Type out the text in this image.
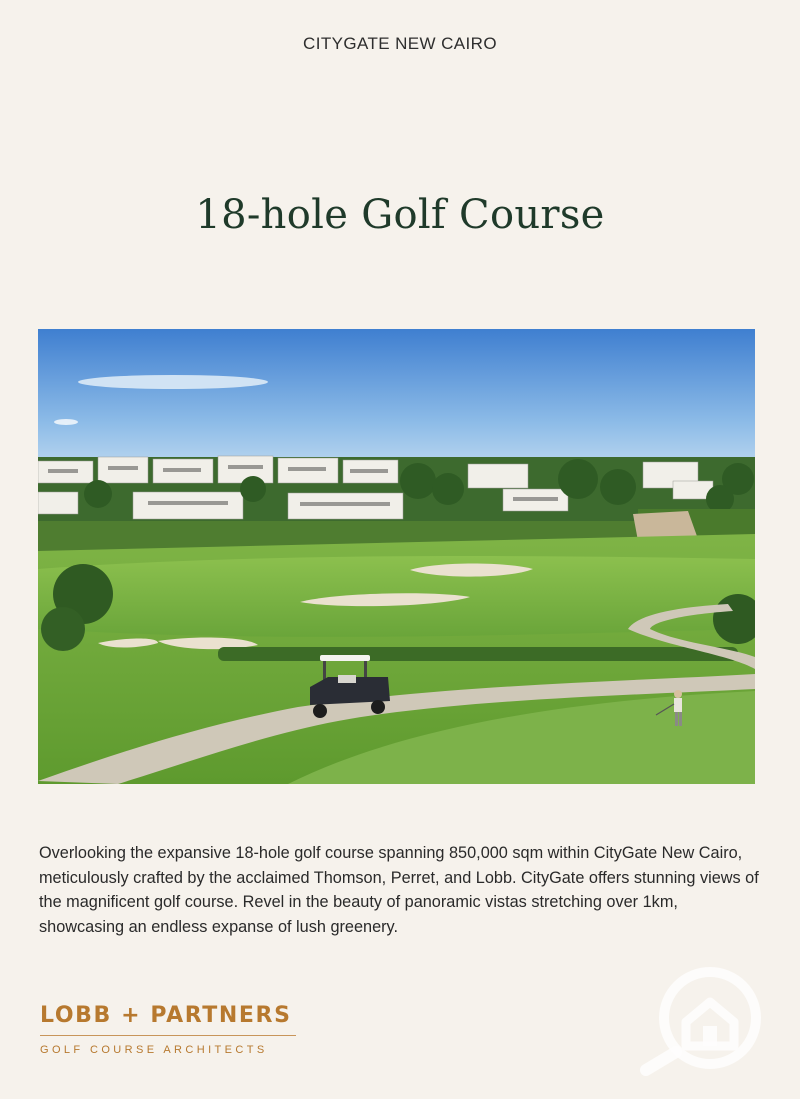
CITYGATE NEW CAIRO
18-hole Golf Course

Overlooking the expansive 18-hole golf course spanning 850,000 sqm within CityGate New Cairo, meticulously crafted by the acclaimed Thomson, Perret, and Lobb. CityGate offers stunning views of the magnificent golf course. Revel in the beauty of panoramic vistas stretching over 1km, showcasing an endless expanse of lush greenery.

LOBB + PARTNERS
GOLF COURSE ARCHITECTS
